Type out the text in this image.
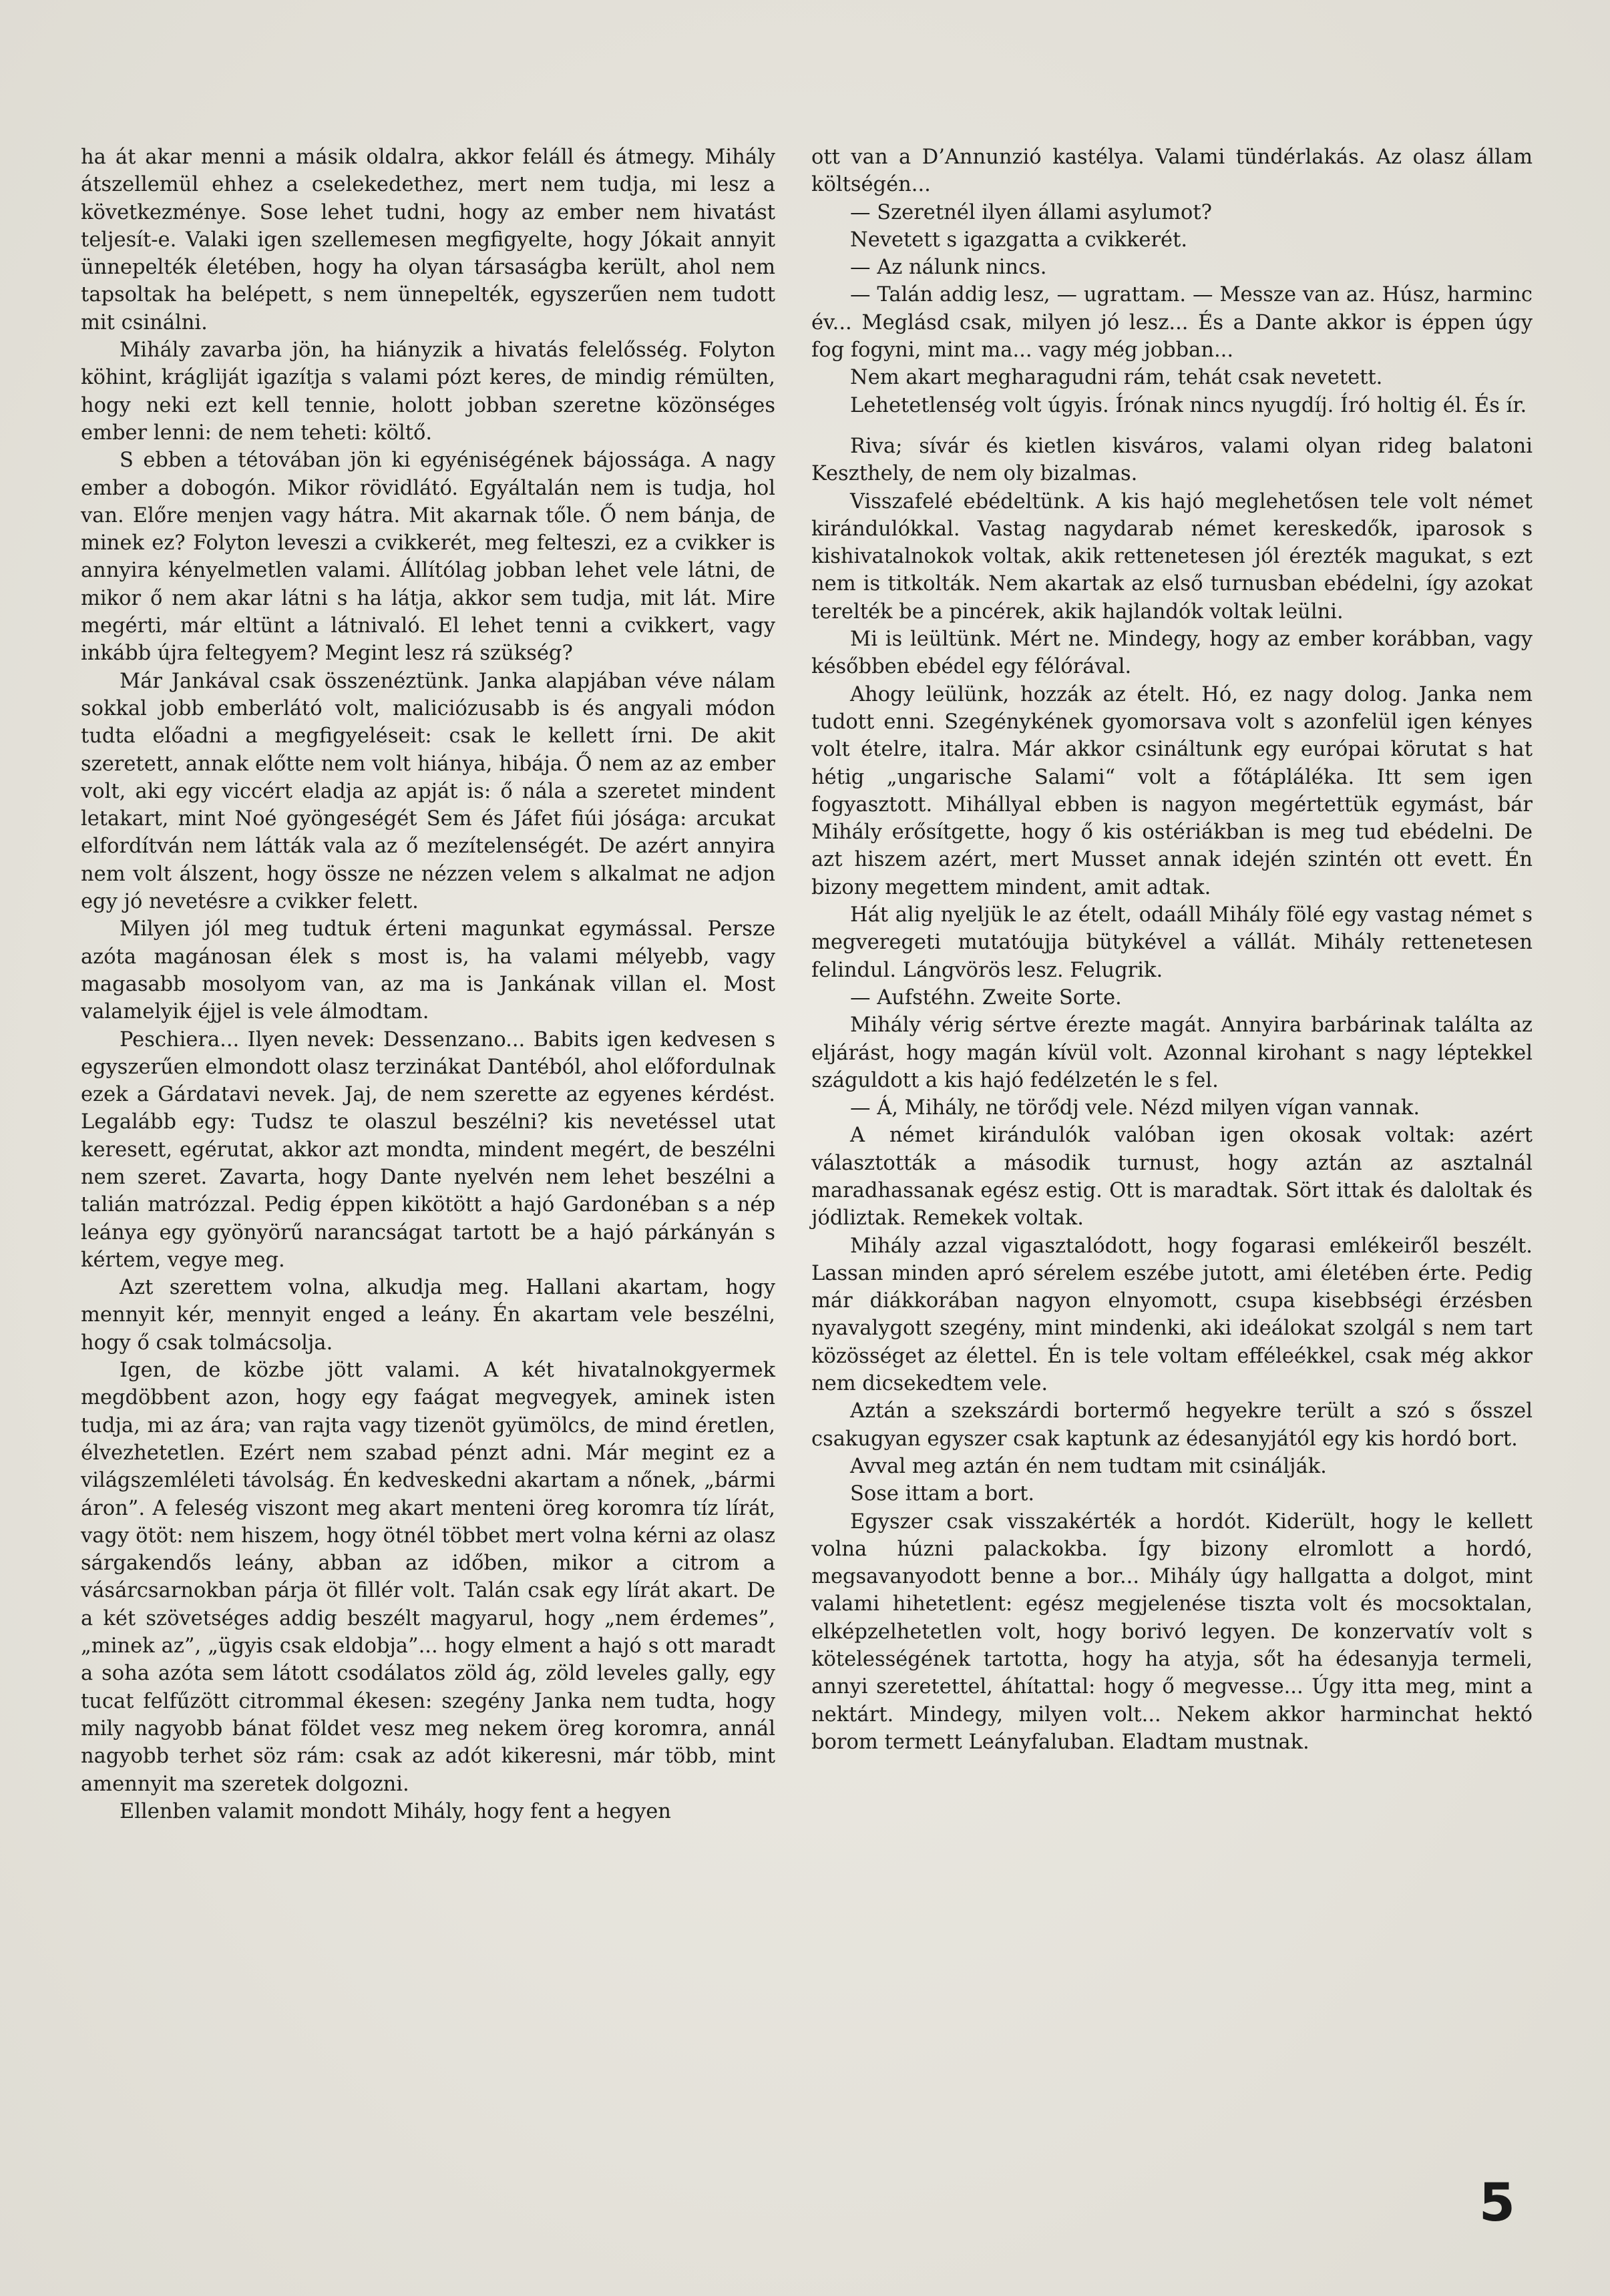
ha át akar menni a másik oldalra, akkor feláll és átmegy. Mihály átszellemül ehhez a cselekedethez, mert nem tudja, mi lesz a következménye. Sose lehet tudni, hogy az ember nem hivatást teljesít-e. Valaki igen szellemesen megfigyelte, hogy Jókait annyit ünnepelték életében, hogy ha olyan társaságba került, ahol nem tapsoltak ha belépett, s nem ünnepelték, egyszerűen nem tudott mit csinálni.

Mihály zavarba jön, ha hiányzik a hivatás felelősség. Folyton köhint, krágliját igazítja s valami pózt keres, de mindig rémülten, hogy neki ezt kell tennie, holott jobban szeretne közönséges ember lenni: de nem teheti: költő.

S ebben a tétovában jön ki egyéniségének bájossága. A nagy ember a dobogón. Mikor rövidlátó. Egyáltalán nem is tudja, hol van. Előre menjen vagy hátra. Mit akarnak tőle. Ő nem bánja, de minek ez? Folyton leveszi a cvikkerét, meg felteszi, ez a cvikker is annyira kényelmetlen valami. Állítólag jobban lehet vele látni, de mikor ő nem akar látni s ha látja, akkor sem tudja, mit lát. Mire megérti, már eltünt a látnivaló. El lehet tenni a cvikkert, vagy inkább újra feltegyem? Megint lesz rá szükség?

Már Jankával csak összenéztünk. Janka alapjában véve nálam sokkal jobb emberlátó volt, maliciózusabb is és angyali módon tudta előadni a megfigyeléseit: csak le kellett írni. De akit szeretett, annak előtte nem volt hiánya, hibája. Ő nem az az ember volt, aki egy viccért eladja az apját is: ő nála a szeretet mindent letakart, mint Noé gyöngeségét Sem és Jáfet fiúi jósága: arcukat elfordítván nem látták vala az ő mezítelenségét. De azért annyira nem volt álszent, hogy össze ne nézzen velem s alkalmat ne adjon egy jó nevetésre a cvikker felett.

Milyen jól meg tudtuk érteni magunkat egymással. Persze azóta magánosan élek s most is, ha valami mélyebb, vagy magasabb mosolyom van, az ma is Jankának villan el. Most valamelyik éjjel is vele álmodtam.

Peschiera... Ilyen nevek: Dessenzano... Babits igen kedvesen s egyszerűen elmondott olasz terzinákat Dantéból, ahol előfordulnak ezek a Gárdatavi nevek. Jaj, de nem szerette az egyenes kérdést. Legalább egy: Tudsz te olaszul beszélni? kis nevetéssel utat keresett, egérutat, akkor azt mondta, mindent megért, de beszélni nem szeret. Zavarta, hogy Dante nyelvén nem lehet beszélni a talián matrózzal. Pedig éppen kikötött a hajó Gardonéban s a nép leánya egy gyönyörű narancságat tartott be a hajó párkányán s kértem, vegye meg.

Azt szerettem volna, alkudja meg. Hallani akartam, hogy mennyit kér, mennyit enged a leány. Én akartam vele beszélni, hogy ő csak tolmácsolja.

Igen, de közbe jött valami. A két hivatalnokgyermek megdöbbent azon, hogy egy faágat megvegyek, aminek isten tudja, mi az ára; van rajta vagy tizenöt gyümölcs, de mind éretlen, élvezhetetlen. Ezért nem szabad pénzt adni. Már megint ez a világszemléleti távolság. Én kedveskedni akartam a nőnek, „bármi áron”. A feleség viszont meg akart menteni öreg koromra tíz lírát, vagy ötöt: nem hiszem, hogy ötnél többet mert volna kérni az olasz sárgakendős leány, abban az időben, mikor a citrom a vásárcsarnokban párja öt fillér volt. Talán csak egy lírát akart. De a két szövetséges addig beszélt magyarul, hogy „nem érdemes”, „minek az”, „ügyis csak eldobja”... hogy elment a hajó s ott maradt a soha azóta sem látott csodálatos zöld ág, zöld leveles gally, egy tucat felfűzött citrommal ékesen: szegény Janka nem tudta, hogy mily nagyobb bánat földet vesz meg nekem öreg koromra, annál nagyobb terhet söz rám: csak az adót kikeresni, már több, mint amennyit ma szeretek dolgozni.

Ellenben valamit mondott Mihály, hogy fent a hegyen

ott van a D’Annunzió kastélya. Valami tündérlakás. Az olasz állam költségén...

— Szeretnél ilyen állami asylumot?

Nevetett s igazgatta a cvikkerét.

— Az nálunk nincs.

— Talán addig lesz, — ugrattam. — Messze van az. Húsz, harminc év... Meglásd csak, milyen jó lesz... És a Dante akkor is éppen úgy fog fogyni, mint ma... vagy még jobban...

Nem akart megharagudni rám, tehát csak nevetett.

Lehetetlenség volt úgyis. Írónak nincs nyugdíj. Író holtig él. És ír.

Riva; sívár és kietlen kisváros, valami olyan rideg balatoni Keszthely, de nem oly bizalmas.

Visszafelé ebédeltünk. A kis hajó meglehetősen tele volt német kirándulókkal. Vastag nagydarab német kereskedők, iparosok s kishivatalnokok voltak, akik rettenetesen jól érezték magukat, s ezt nem is titkolták. Nem akartak az első turnusban ebédelni, így azokat terelték be a pincérek, akik hajlandók voltak leülni.

Mi is leültünk. Mért ne. Mindegy, hogy az ember korábban, vagy későbben ebédel egy félórával.

Ahogy leülünk, hozzák az ételt. Hó, ez nagy dolog. Janka nem tudott enni. Szegénykének gyomorsava volt s azonfelül igen kényes volt ételre, italra. Már akkor csináltunk egy európai körutat s hat hétig „ungarische Salami“ volt a főtápláléka. Itt sem igen fogyasztott. Mihállyal ebben is nagyon megértettük egymást, bár Mihály erősítgette, hogy ő kis ostériákban is meg tud ebédelni. De azt hiszem azért, mert Musset annak idején szintén ott evett. Én bizony megettem mindent, amit adtak.

Hát alig nyeljük le az ételt, odaáll Mihály fölé egy vastag német s megveregeti mutatóujja bütykével a vállát. Mihály rettenetesen felindul. Lángvörös lesz. Felugrik.

— Aufstéhn. Zweite Sorte.

Mihály vérig sértve érezte magát. Annyira barbárinak találta az eljárást, hogy magán kívül volt. Azonnal kirohant s nagy léptekkel száguldott a kis hajó fedélzetén le s fel.

— Á, Mihály, ne törődj vele. Nézd milyen vígan vannak.

A német kirándulók valóban igen okosak voltak: azért választották a második turnust, hogy aztán az asztalnál maradhassanak egész estig. Ott is maradtak. Sört ittak és daloltak és jódliztak. Remekek voltak.

Mihály azzal vigasztalódott, hogy fogarasi emlékeiről beszélt. Lassan minden apró sérelem eszébe jutott, ami életében érte. Pedig már diákkorában nagyon elnyomott, csupa kisebbségi érzésben nyavalygott szegény, mint mindenki, aki ideálokat szolgál s nem tart közösséget az élettel. Én is tele voltam efféleékkel, csak még akkor nem dicsekedtem vele.

Aztán a szekszárdi bortermő hegyekre terült a szó s ősszel csakugyan egyszer csak kaptunk az édesanyjától egy kis hordó bort.

Avval meg aztán én nem tudtam mit csinálják.

Sose ittam a bort.

Egyszer csak visszakérték a hordót. Kiderült, hogy le kellett volna húzni palackokba. Így bizony elromlott a hordó, megsavanyodott benne a bor... Mihály úgy hallgatta a dolgot, mint valami hihetetlent: egész megjelenése tiszta volt és mocsoktalan, elképzelhetetlen volt, hogy borivó legyen. De konzervatív volt s kötelességének tartotta, hogy ha atyja, sőt ha édesanyja termeli, annyi szeretettel, áhítattal: hogy ő megvesse... Úgy itta meg, mint a nektárt. Mindegy, milyen volt... Nekem akkor harminchat hektó borom termett Leányfaluban. Eladtam mustnak.

5
